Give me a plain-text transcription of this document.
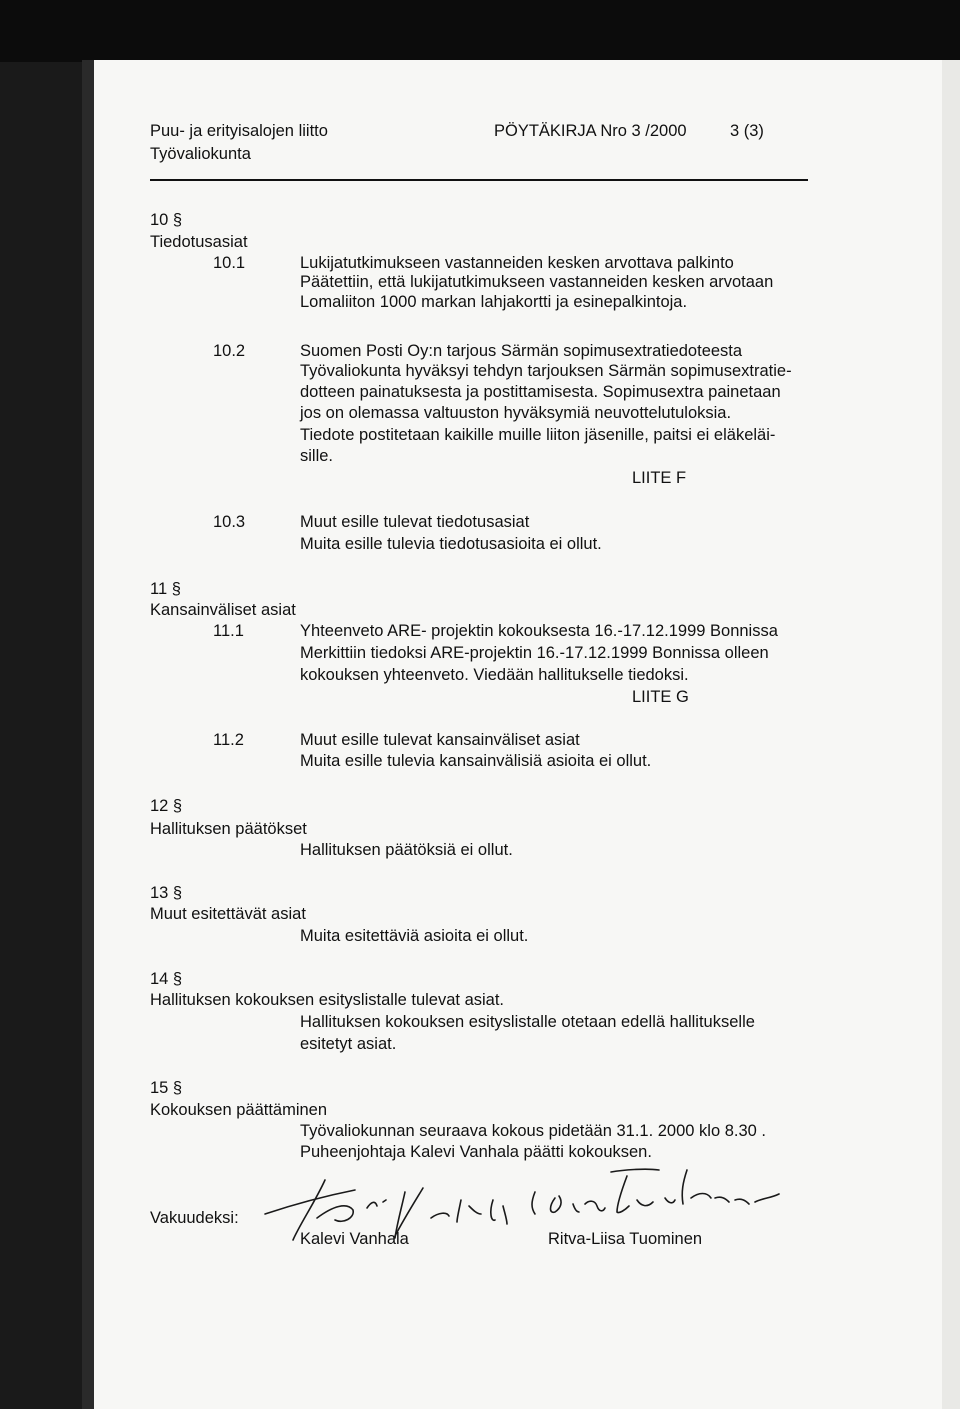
Puu- ja erityisalojen liitto
Työvaliokunta
PÖYTÄKIRJA Nro 3 /2000	3 (3)
10 §
Tiedotusasiat
10.1	Lukijatutkimukseen vastanneiden kesken arvottava palkinto
Päätettiin, että lukijatutkimukseen vastanneiden kesken arvotaan
Lomaliiton 1000 markan lahjakortti ja esinepalkintoja.
10.2	Suomen Posti Oy:n tarjous Särmän sopimusextratiedoteesta
Työvaliokunta hyväksyi tehdyn tarjouksen Särmän sopimusextratie-
dotteen painatuksesta ja postittamisesta. Sopimusextra painetaan
jos on olemassa valtuuston hyväksymiä neuvottelutuloksia.
Tiedote postitetaan kaikille muille liiton jäsenille, paitsi ei eläkeläi-
sille.
LIITE F
10.3	Muut esille tulevat tiedotusasiat
Muita esille tulevia tiedotusasioita ei ollut.
11 §
Kansainväliset asiat
11.1	Yhteenveto ARE- projektin kokouksesta 16.-17.12.1999 Bonnissa
Merkittiin tiedoksi ARE-projektin 16.-17.12.1999 Bonnissa olleen
kokouksen yhteenveto. Viedään hallitukselle tiedoksi.
LIITE G
11.2	Muut esille tulevat kansainväliset asiat
Muita esille tulevia kansainvälisiä asioita ei ollut.
12 §
Hallituksen päätökset
Hallituksen päätöksiä ei ollut.
13 §
Muut esitettävät asiat
Muita esitettäviä asioita ei ollut.
14 §
Hallituksen kokouksen esityslistalle tulevat asiat.
Hallituksen kokouksen esityslistalle otetaan edellä hallitukselle
esitetyt asiat.
15 §
Kokouksen päättäminen
Työvaliokunnan seuraava kokous pidetään 31.1. 2000 klo 8.30 .
Puheenjohtaja Kalevi Vanhala päätti kokouksen.
Vakuudeksi:
Kalevi Vanhala	Ritva-Liisa Tuominen
